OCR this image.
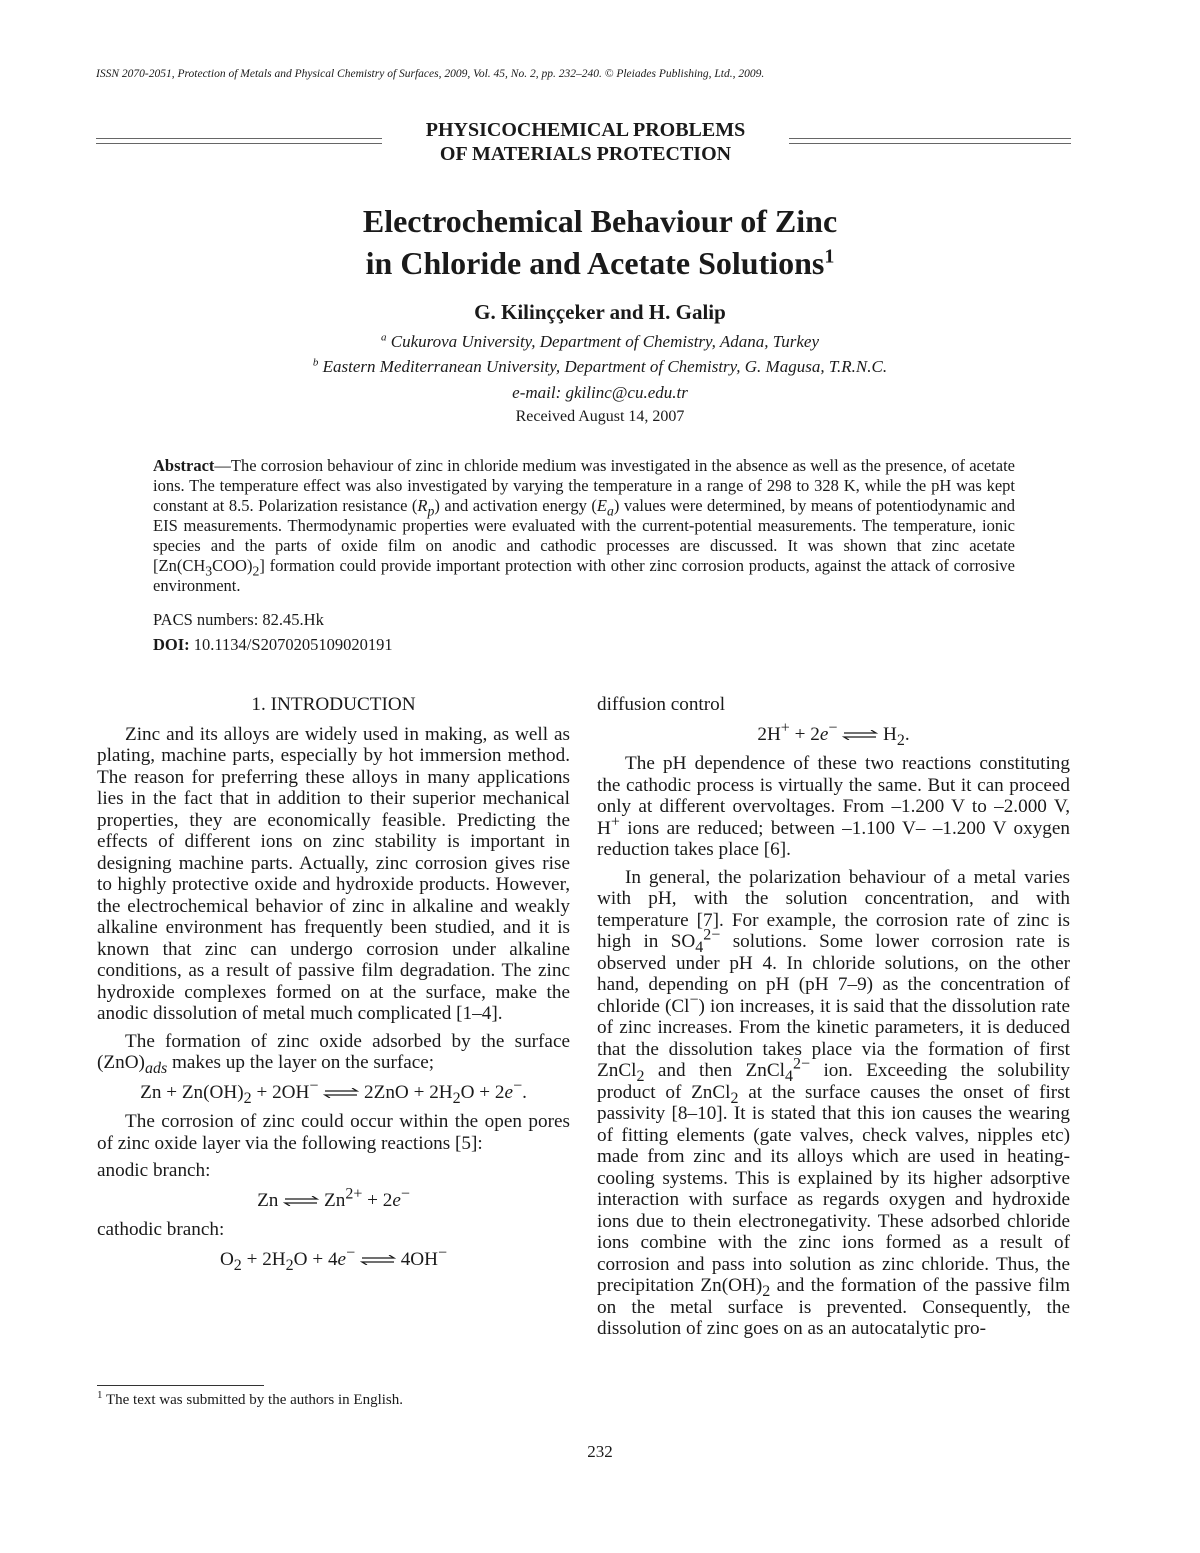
ISSN 2070-2051, Protection of Metals and Physical Chemistry of Surfaces, 2009, Vol. 45, No. 2, pp. 232–240. © Pleiades Publishing, Ltd., 2009.
PHYSICOCHEMICAL PROBLEMS
OF MATERIALS PROTECTION
Electrochemical Behaviour of Zinc
in Chloride and Acetate Solutions$^1$
G. Kilinççeker and H. Galip
$^a$ Cukurova University, Department of Chemistry, Adana, Turkey
$^b$ Eastern Mediterranean University, Department of Chemistry, G. Magusa, T.R.N.C.
e-mail: gkilinc@cu.edu.tr
Received August 14, 2007
Abstract—The corrosion behaviour of zinc in chloride medium was investigated in the absence as well as the presence, of acetate ions. The temperature effect was also investigated by varying the temperature in a range of 298 to 328 K, while the pH was kept constant at 8.5. Polarization resistance $(R_p)$ and activation energy $(E_a)$ values were determined, by means of potentiodynamic and EIS measurements. Thermodynamic properties were evaluated with the current-potential measurements. The temperature, ionic species and the parts of oxide film on anodic and cathodic processes are discussed. It was shown that zinc acetate $[Zn(CH_3COO)_2]$ formation could provide important protection with other zinc corrosion products, against the attack of corrosive environment.
PACS numbers: 82.45.Hk
DOI: 10.1134/S2070205109020191
1. INTRODUCTION

Zinc and its alloys are widely used in making, as well as plating, machine parts, especially by hot immersion method. The reason for preferring these alloys in many applications lies in the fact that in addition to their superior mechanical properties, they are economically feasible. Predicting the effects of different ions on zinc stability is important in designing machine parts. Actually, zinc corrosion gives rise to highly protective oxide and hydroxide products. However, the electrochemical behavior of zinc in alkaline and weakly alkaline environment has frequently been studied, and it is known that zinc can undergo corrosion under alkaline conditions, as a result of passive film degradation. The zinc hydroxide complexes formed on at the surface, make the anodic dissolution of metal much complicated [1–4].

The formation of zinc oxide adsorbed by the surface $(ZnO)_{ads}$ makes up the layer on the surface;

$Zn + Zn(OH)_2 + 2OH^-$ ⇌ $2ZnO + 2H_2O + 2e^-$.

The corrosion of zinc could occur within the open pores of zinc oxide layer via the following reactions [5]:

anodic branch:

Zn ⇌ $Zn^{2+} + 2e^-$

cathodic branch:

$O_2 + 2H_2O + 4e^-$ ⇌ 4OH−

diffusion control

2H+ + 2e− ⇌ $H_2$.

The pH dependence of these two reactions constituting the cathodic process is virtually the same. But it can proceed only at different overvoltages. From –1.200 V to –2.000 V, H+ ions are reduced; between –1.100 V– –1.200 V oxygen reduction takes place [6].

In general, the polarization behaviour of a metal varies with pH, with the solution concentration, and with temperature [7]. For example, the corrosion rate of zinc is high in $SO_4^{2-}$ solutions. Some lower corrosion rate is observed under pH 4. In chloride solutions, on the other hand, depending on pH (pH 7–9) as the concentration of chloride (Cl−) ion increases, it is said that the dissolution rate of zinc increases. From the kinetic parameters, it is deduced that the dissolution takes place via the formation of first ZnCl$_2$ and then ZnCl$_4^{2-}$ ion. Exceeding the solubility product of ZnCl$_2$ at the surface causes the onset of first passivity [8–10]. It is stated that this ion causes the wearing of fitting elements (gate valves, check valves, nipples etc) made from zinc and its alloys which are used in heating-cooling systems. This is explained by its higher adsorptive interaction with surface as regards oxygen and hydroxide ions due to thein electronegativity. These adsorbed chloride ions combine with the zinc ions formed as a result of corrosion and pass into solution as zinc chloride. Thus, the precipitation $Zn(OH)_2$ and the formation of the passive film on the metal surface is prevented. Consequently, the dissolution of zinc goes on as an autocatalytic pro-

$^1$ The text was submitted by the authors in English.
232
